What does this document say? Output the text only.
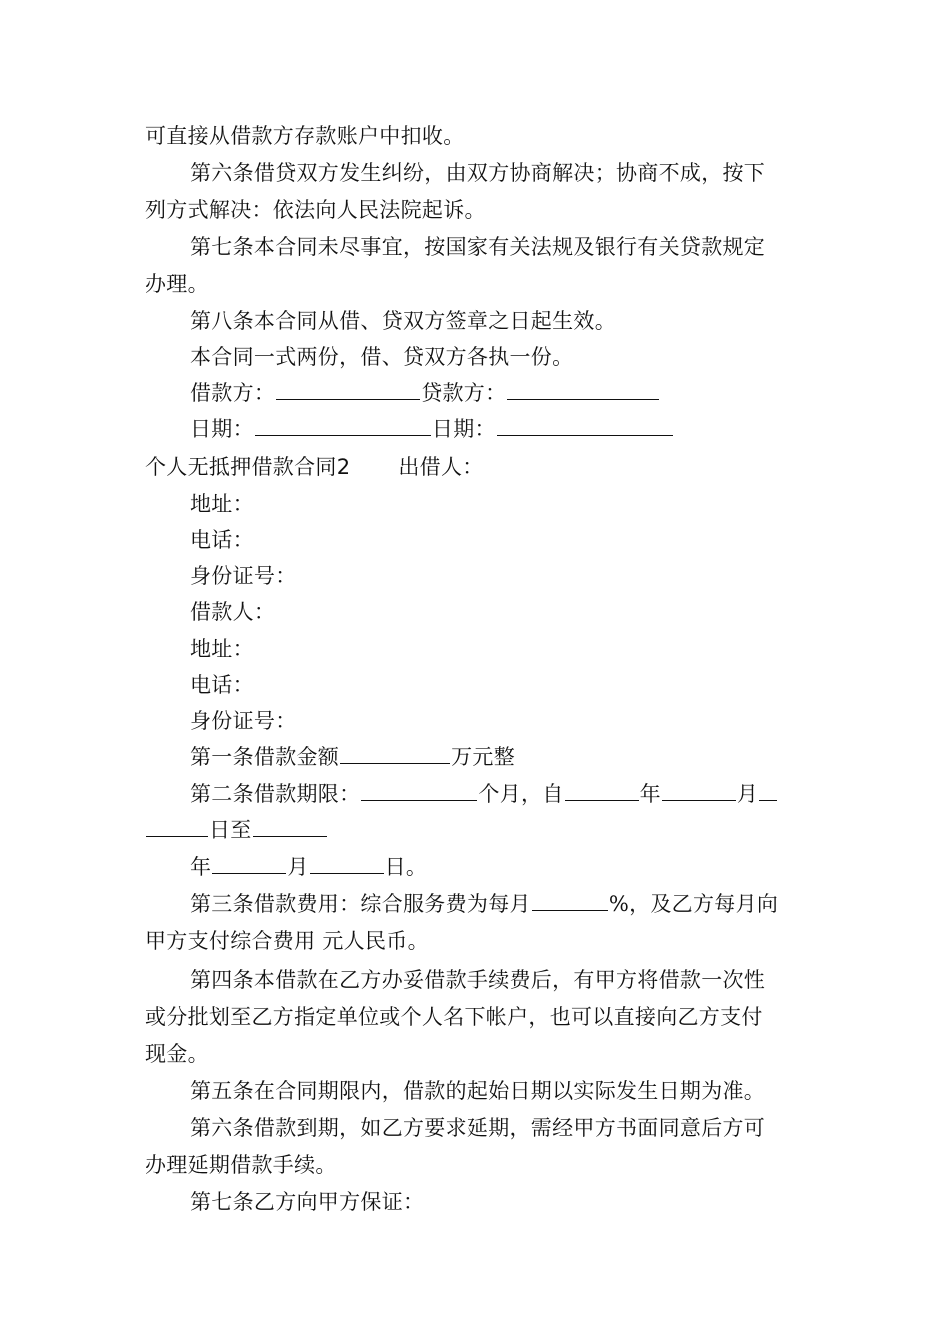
可直接从借款方存款账户中扣收。
第六条借贷双方发生纠纷，由双方协商解决；协商不成，按下
列方式解决：依法向人民法院起诉。
第七条本合同未尽事宜，按国家有关法规及银行有关贷款规定
办理。
第八条本合同从借、贷双方签章之日起生效。
本合同一式两份，借、贷双方各执一份。
借款方：	贷款方：
日期：	日期：
个人无抵押借款合同2 出借人：
地址：
电话：
身份证号：
借款人：
地址：
电话：
身份证号：
第一条借款金额	万元整
第二条借款期限：	个月，自	年	月
日至
年	月	日。
第三条借款费用：综合服务费为每月	%，及乙方每月向
甲方支付综合费用 元人民币。
第四条本借款在乙方办妥借款手续费后，有甲方将借款一次性
或分批划至乙方指定单位或个人名下帐户，也可以直接向乙方支付
现金。
第五条在合同期限内，借款的起始日期以实际发生日期为准。
第六条借款到期，如乙方要求延期，需经甲方书面同意后方可
办理延期借款手续。
第七条乙方向甲方保证：
